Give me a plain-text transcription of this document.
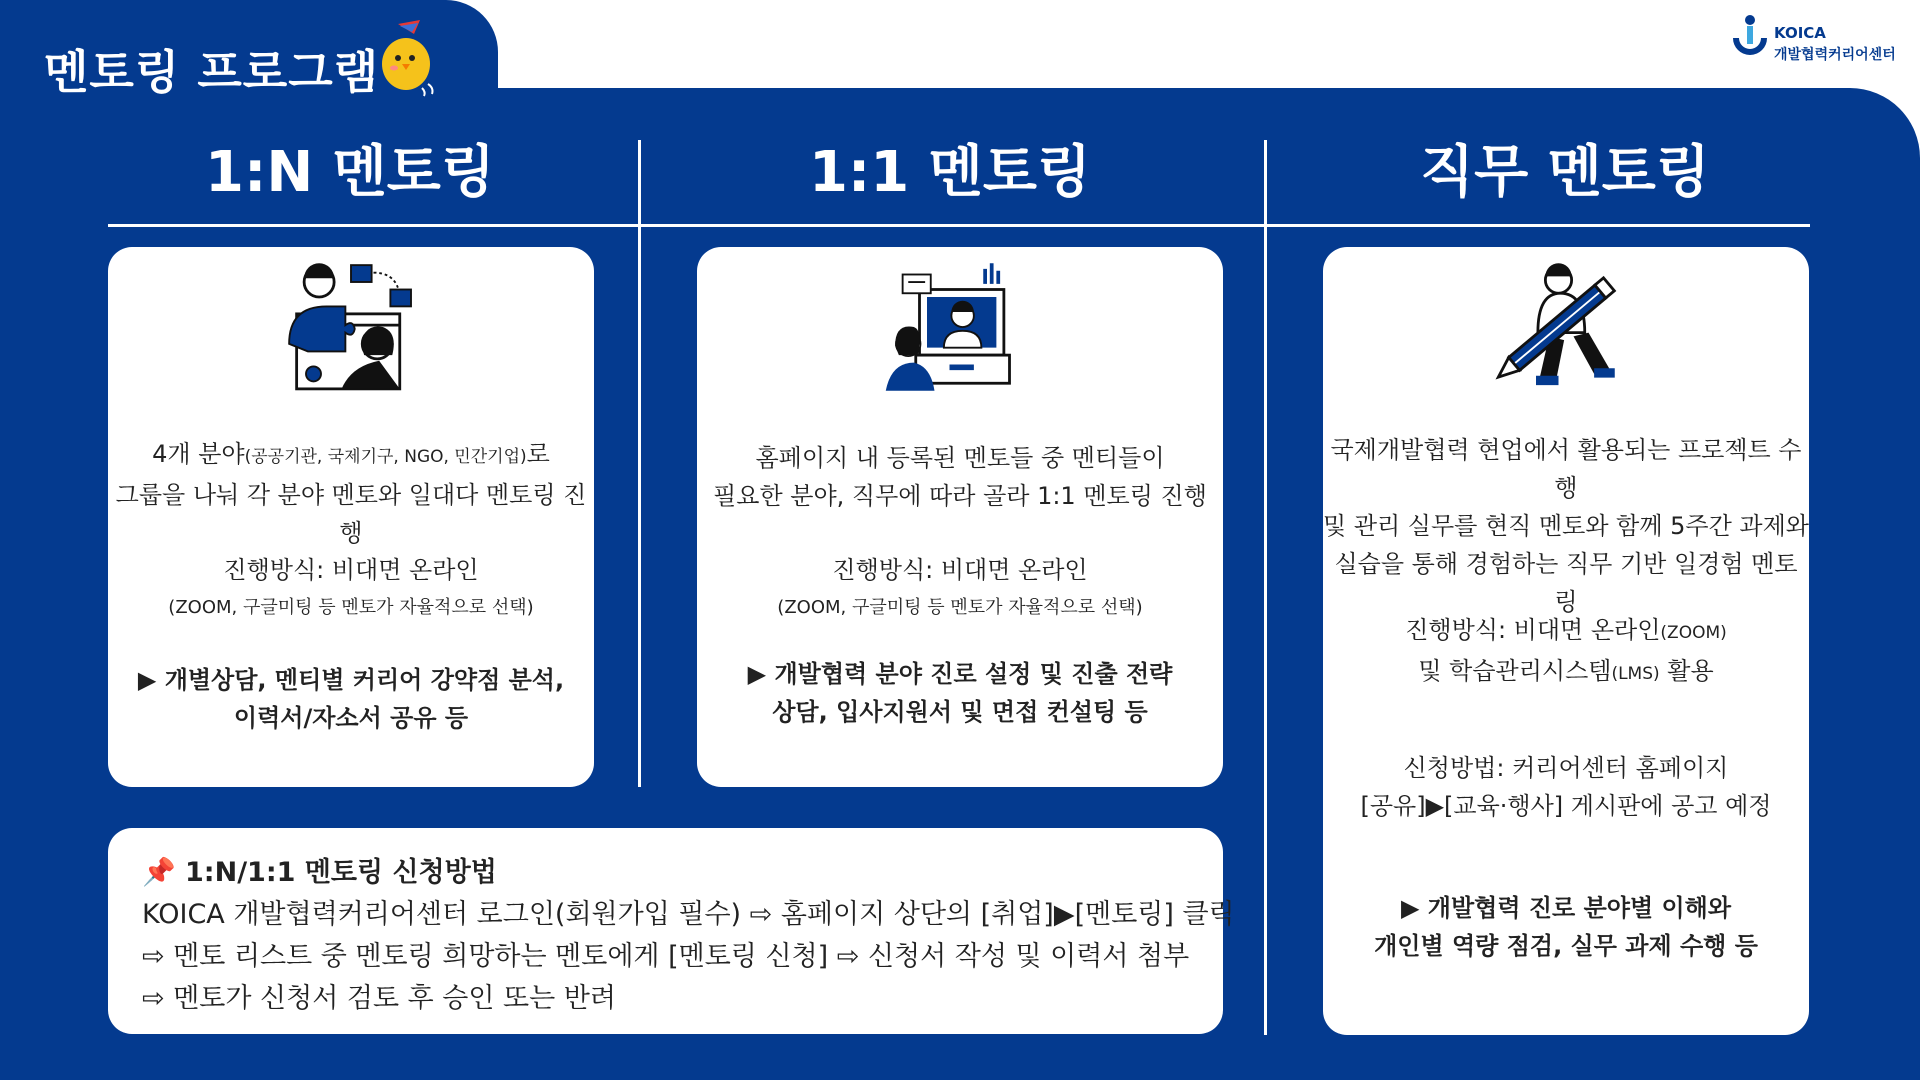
멘토링 프로그램
KOICA
개발협력커리어센터
1:N 멘토링	1:1 멘토링	직무 멘토링
4개 분야(공공기관, 국제기구, NGO, 민간기업)로
그룹을 나눠 각 분야 멘토와 일대다 멘토링 진행
진행방식: 비대면 온라인
(ZOOM, 구글미팅 등 멘토가 자율적으로 선택)
▶ 개별상담, 멘티별 커리어 강약점 분석,
이력서/자소서 공유 등
홈페이지 내 등록된 멘토들 중 멘티들이
필요한 분야, 직무에 따라 골라 1:1 멘토링 진행
진행방식: 비대면 온라인
(ZOOM, 구글미팅 등 멘토가 자율적으로 선택)
▶ 개발협력 분야 진로 설정 및 진출 전략
상담, 입사지원서 및 면접 컨설팅 등
국제개발협력 현업에서 활용되는 프로젝트 수행
및 관리 실무를 현직 멘토와 함께 5주간 과제와
실습을 통해 경험하는 직무 기반 일경험 멘토링
진행방식: 비대면 온라인(ZOOM)
및 학습관리시스템(LMS) 활용
신청방법: 커리어센터 홈페이지
[공유]▶[교육·행사] 게시판에 공고 예정
▶ 개발협력 진로 분야별 이해와
개인별 역량 점검, 실무 과제 수행 등
📌 1:N/1:1 멘토링 신청방법
KOICA 개발협력커리어센터 로그인(회원가입 필수) ⇨ 홈페이지 상단의 [취업]▶[멘토링] 클릭
⇨ 멘토 리스트 중 멘토링 희망하는 멘토에게 [멘토링 신청] ⇨ 신청서 작성 및 이력서 첨부
⇨ 멘토가 신청서 검토 후 승인 또는 반려
